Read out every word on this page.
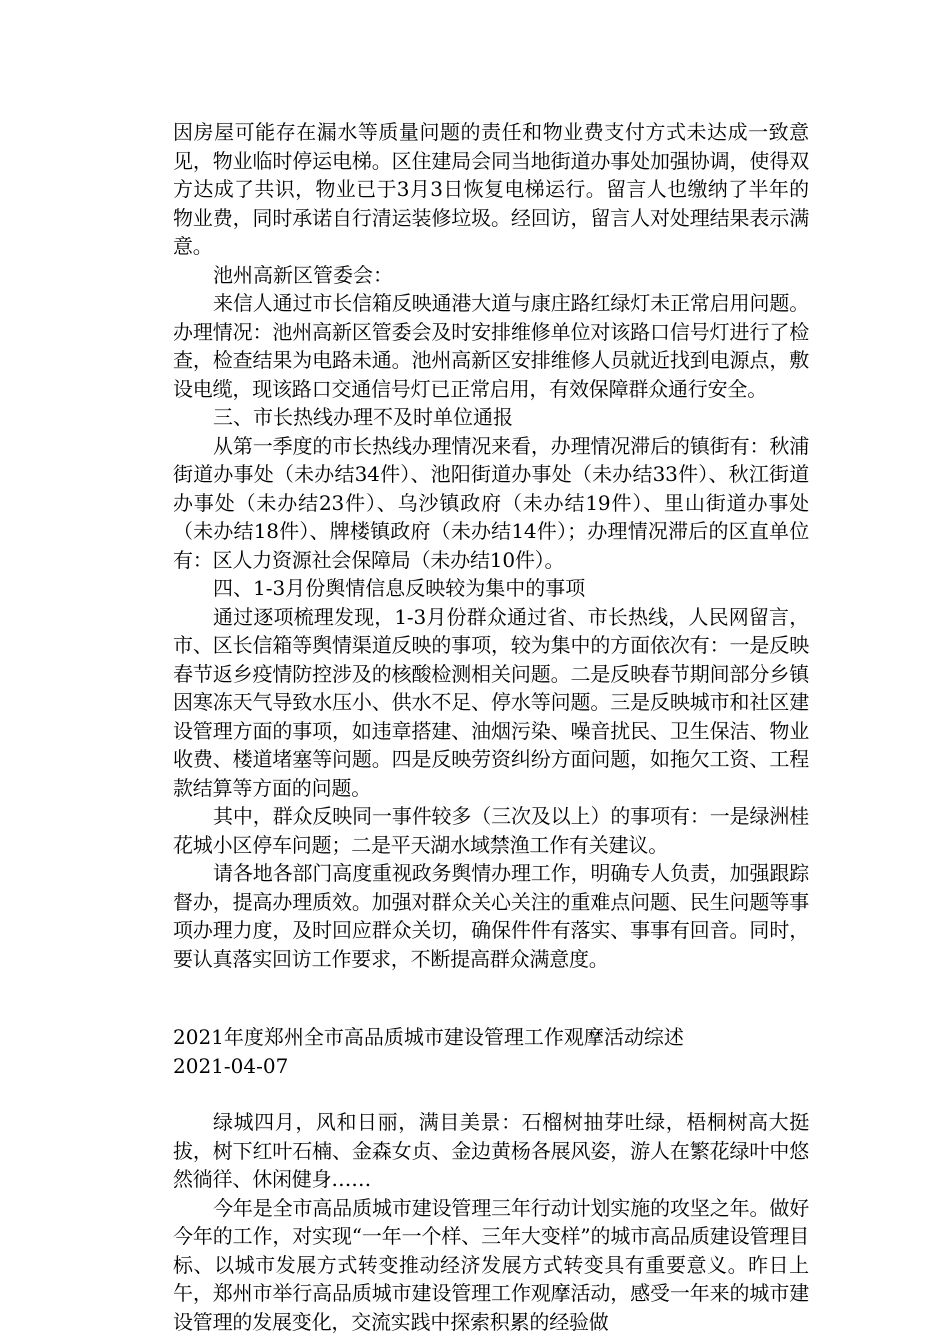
因房屋可能存在漏水等质量问题的责任和物业费支付方式未达成一致意见，物业临时停运电梯。区住建局会同当地街道办事处加强协调，使得双方达成了共识，物业已于3月3日恢复电梯运行。留言人也缴纳了半年的物业费，同时承诺自行清运装修垃圾。经回访，留言人对处理结果表示满意。

池州高新区管委会：

来信人通过市长信箱反映通港大道与康庄路红绿灯未正常启用问题。办理情况：池州高新区管委会及时安排维修单位对该路口信号灯进行了检查，检查结果为电路未通。池州高新区安排维修人员就近找到电源点，敷设电缆，现该路口交通信号灯已正常启用，有效保障群众通行安全。

三、市长热线办理不及时单位通报

从第一季度的市长热线办理情况来看，办理情况滞后的镇街有：秋浦街道办事处（未办结34件）、池阳街道办事处（未办结33件）、秋江街道办事处（未办结23件）、乌沙镇政府（未办结19件）、里山街道办事处（未办结18件）、牌楼镇政府（未办结14件）；办理情况滞后的区直单位有：区人力资源社会保障局（未办结10件）。

四、1-3月份舆情信息反映较为集中的事项

通过逐项梳理发现，1-3月份群众通过省、市长热线，人民网留言，市、区长信箱等舆情渠道反映的事项，较为集中的方面依次有：一是反映春节返乡疫情防控涉及的核酸检测相关问题。二是反映春节期间部分乡镇因寒冻天气导致水压小、供水不足、停水等问题。三是反映城市和社区建设管理方面的事项，如违章搭建、油烟污染、噪音扰民、卫生保洁、物业收费、楼道堵塞等问题。四是反映劳资纠纷方面问题，如拖欠工资、工程款结算等方面的问题。

其中，群众反映同一事件较多（三次及以上）的事项有：一是绿洲桂花城小区停车问题；二是平天湖水域禁渔工作有关建议。

请各地各部门高度重视政务舆情办理工作，明确专人负责，加强跟踪督办，提高办理质效。加强对群众关心关注的重难点问题、民生问题等事项办理力度，及时回应群众关切，确保件件有落实、事事有回音。同时，要认真落实回访工作要求，不断提高群众满意度。

2021年度郑州全市高品质城市建设管理工作观摩活动综述

2021-04-07

绿城四月，风和日丽，满目美景：石榴树抽芽吐绿，梧桐树高大挺拔，树下红叶石楠、金森女贞、金边黄杨各展风姿，游人在繁花绿叶中悠然徜徉、休闲健身……

今年是全市高品质城市建设管理三年行动计划实施的攻坚之年。做好今年的工作，对实现“一年一个样、三年大变样”的城市高品质建设管理目标、以城市发展方式转变推动经济发展方式转变具有重要意义。昨日上午，郑州市举行高品质城市建设管理工作观摩活动，感受一年来的城市建设管理的发展变化，交流实践中探索积累的经验做
